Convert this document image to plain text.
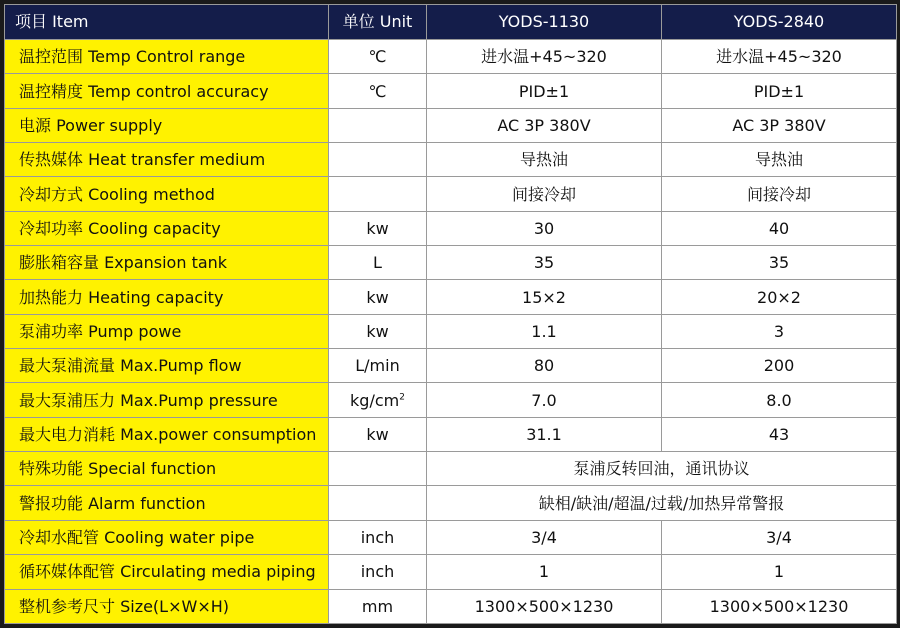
项目 Item	单位 Unit	YODS-1130	YODS-2840
温控范围 Temp Control range	℃	进水温+45~320	进水温+45~320
温控精度 Temp control accuracy	℃	PID±1	PID±1
电源 Power supply		AC 3P 380V	AC 3P 380V
传热媒体 Heat transfer medium		导热油	导热油
冷却方式 Cooling method		间接冷却	间接冷却
冷却功率 Cooling capacity	kw	30	40
膨胀箱容量 Expansion tank	L	35	35
加热能力 Heating capacity	kw	15×2	20×2
泵浦功率 Pump powe	kw	1.1	3
最大泵浦流量 Max.Pump flow	L/min	80	200
最大泵浦压力 Max.Pump pressure	$kg/cm^2$	7.0	8.0
最大电力消耗 Max.power consumption	kw	31.1	43
特殊功能 Special function		泵浦反转回油，通讯协议	
警报功能 Alarm function		缺相/缺油/超温/过载/加热异常警报	
冷却水配管 Cooling water pipe	inch	3/4	3/4
循环媒体配管 Circulating media piping	inch	1	1
整机参考尺寸 Size(L×W×H)	mm	1300×500×1230	1300×500×1230
